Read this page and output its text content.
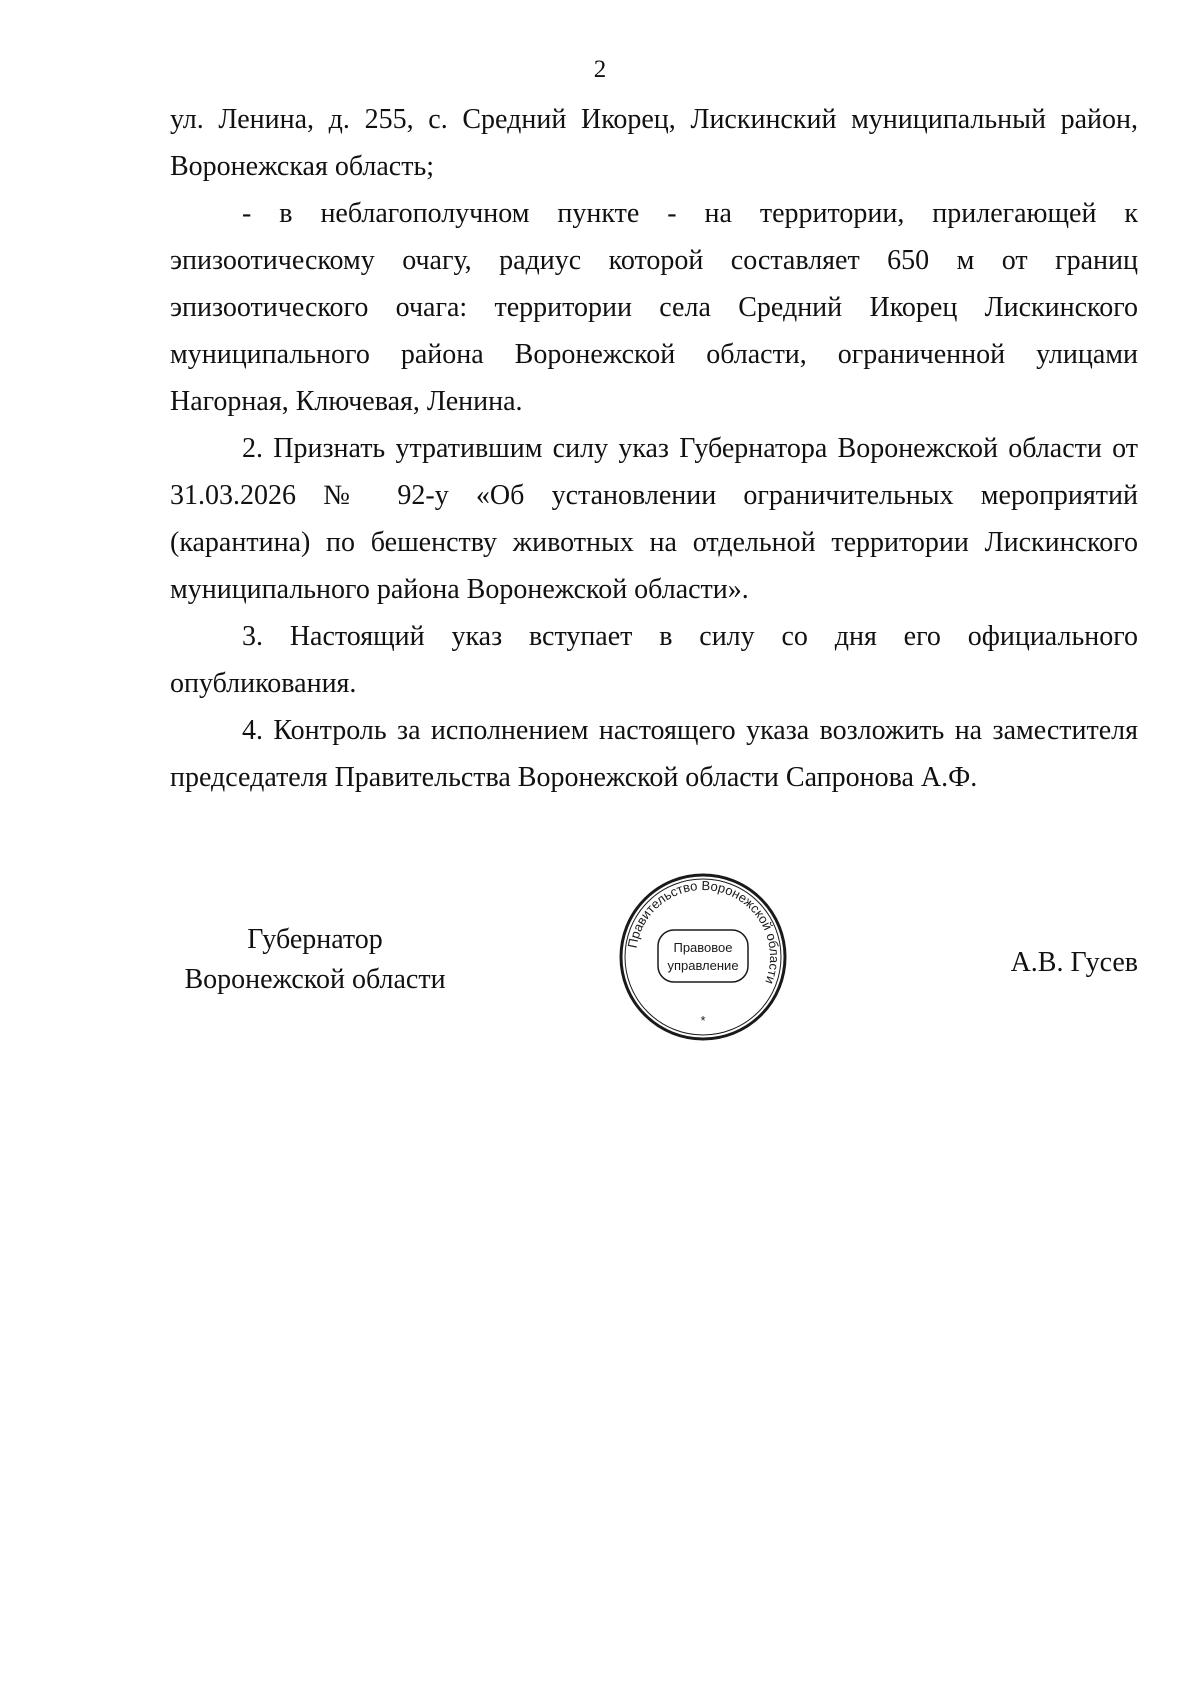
2

ул. Ленина, д. 255, с. Средний Икорец, Лискинский муниципальный район, Воронежская область;

- в неблагополучном пункте - на территории, прилегающей к эпизоотическому очагу, радиус которой составляет 650 м от границ эпизоотического очага: территории села Средний Икорец Лискинского муниципального района Воронежской области, ограниченной улицами Нагорная, Ключевая, Ленина.

2. Признать утратившим силу указ Губернатора Воронежской области от 31.03.2026 № 92-у «Об установлении ограничительных мероприятий (карантина) по бешенству животных на отдельной территории Лискинского муниципального района Воронежской области».

3. Настоящий указ вступает в силу со дня его официального опубликования.

4. Контроль за исполнением настоящего указа возложить на заместителя председателя Правительства Воронежской области Сапронова А.Ф.

Губернатор
Воронежской области
Правительство Воронежской области
Правовое
управление
*
А.В. Гусев
